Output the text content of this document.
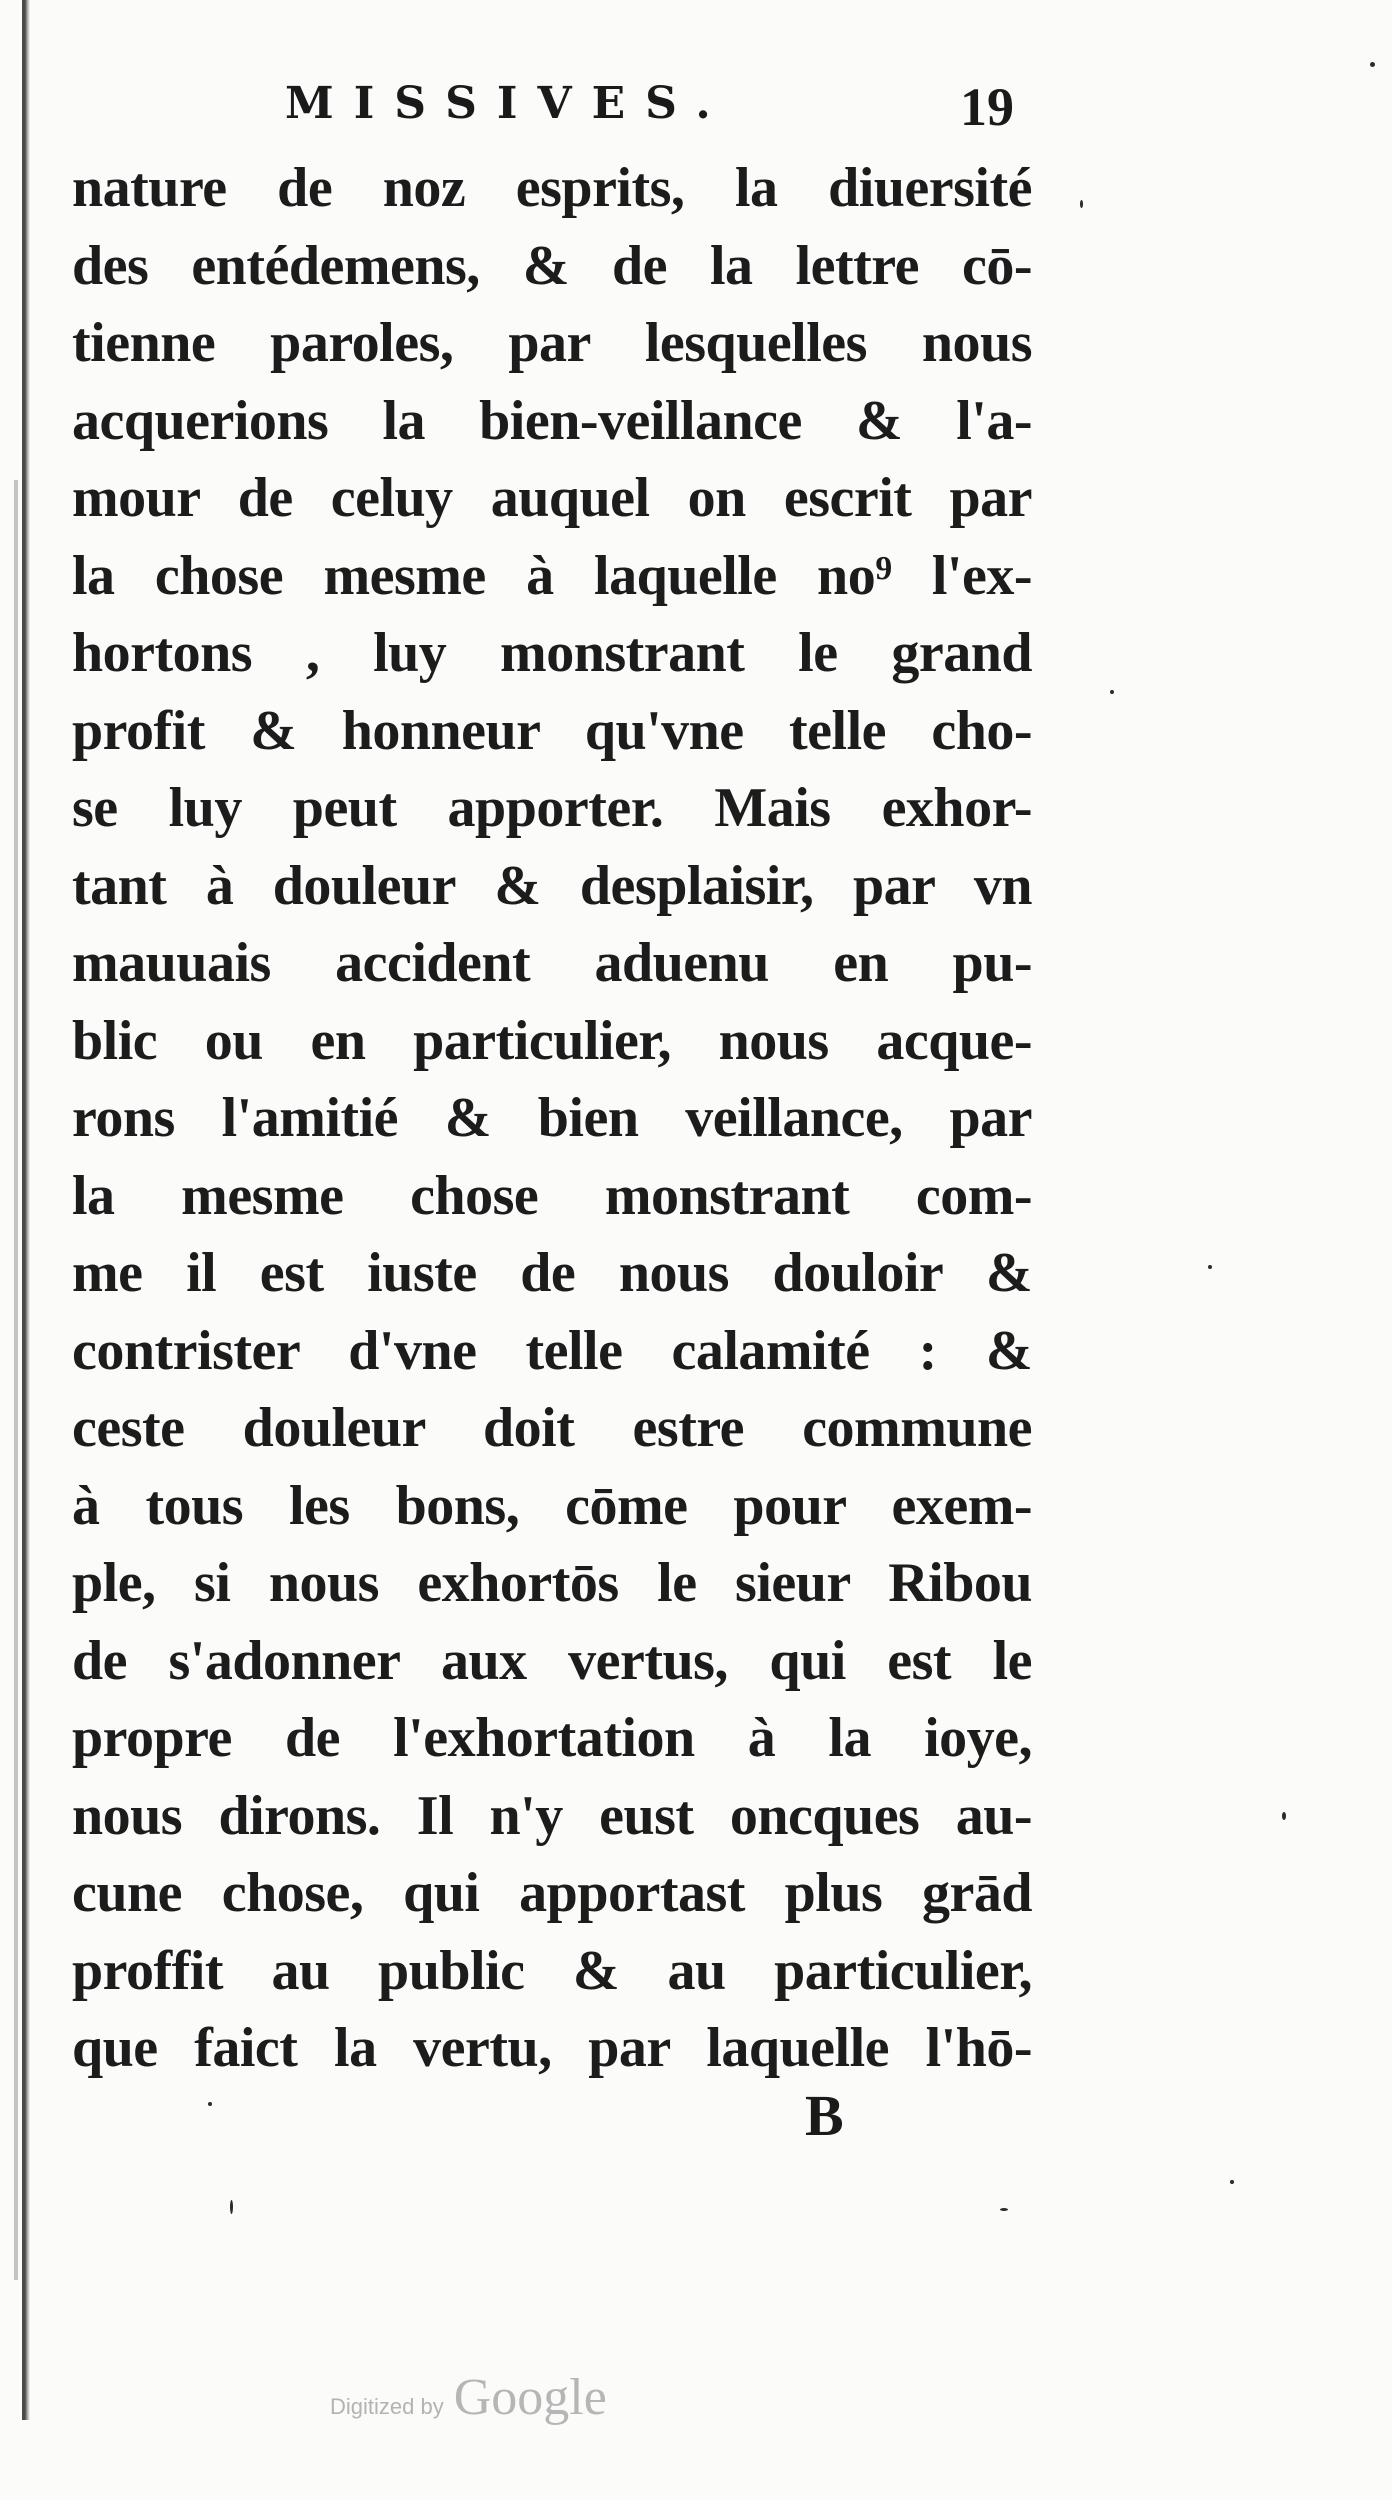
MISSIVES.	19
nature de noz esprits, la diuersité
des entédemens, & de la lettre cō-
tienne paroles, par lesquelles nous
acquerions la bien-veillance & l'a-
mour de celuy auquel on escrit par
la chose mesme à laquelle no⁹ l'ex-
hortons , luy monstrant le grand
profit & honneur qu'vne telle cho-
se luy peut apporter. Mais exhor-
tant à douleur & desplaisir, par vn
mauuais accident aduenu en pu-
blic ou en particulier, nous acque-
rons l'amitié & bien veillance, par
la mesme chose monstrant com-
me il est iuste de nous douloir &
contrister d'vne telle calamité : &
ceste douleur doit estre commune
à tous les bons, cōme pour exem-
ple, si nous exhortōs le sieur Ribou
de s'adonner aux vertus, qui est le
propre de l'exhortation à la ioye,
nous dirons. Il n'y eust oncques au-
cune chose, qui apportast plus grād
proffit au public & au particulier,
que faict la vertu, par laquelle l'hō-
B
Digitized by Google
